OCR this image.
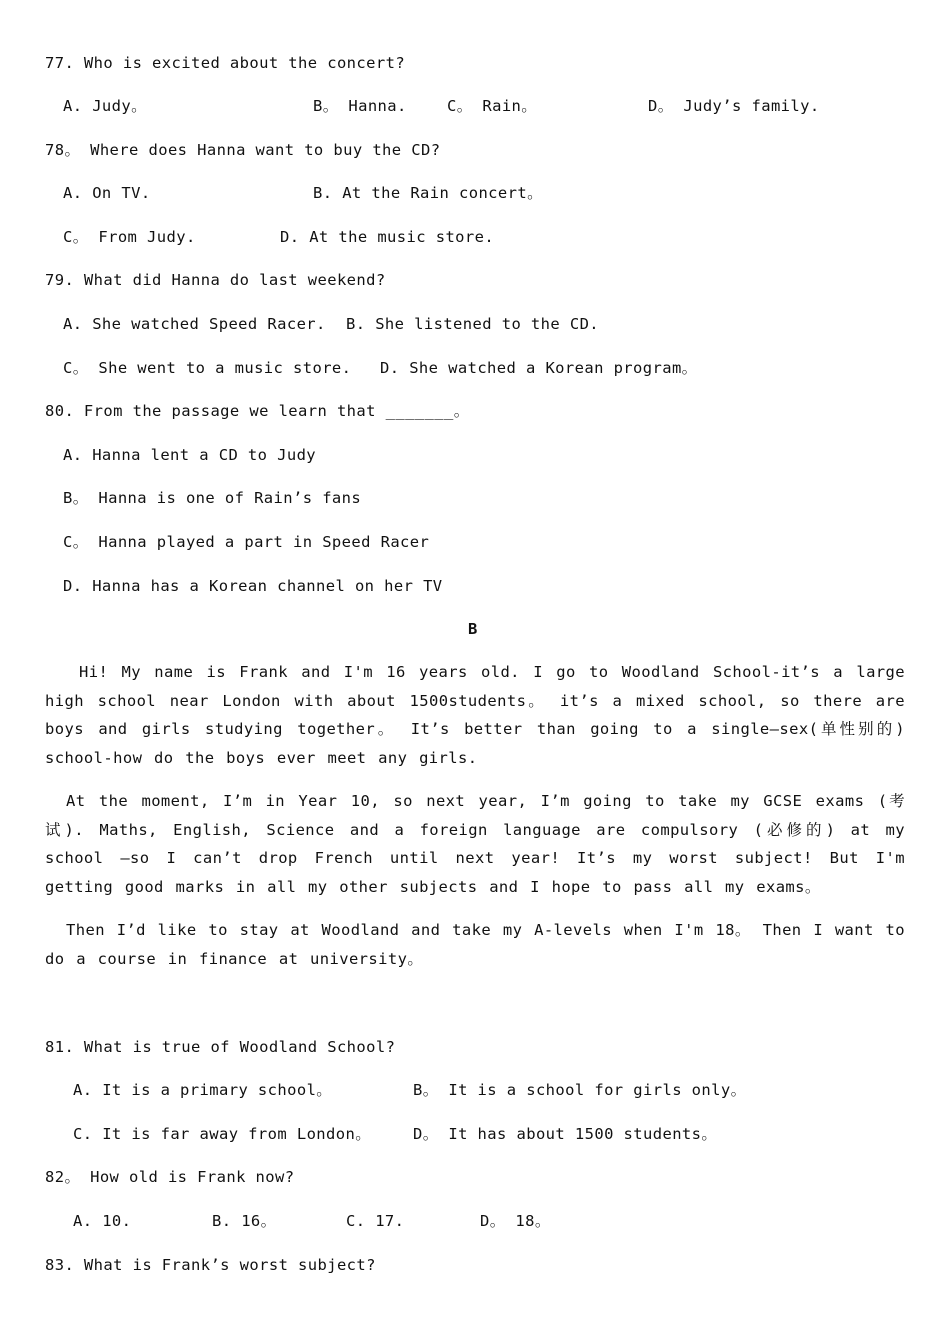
77. Who is excited about the concert?
A. Judy。	B。 Hanna.	C。 Rain。	D。 Judy’s family.
78。 Where does Hanna want to buy the CD?
A. On TV.	B. At the Rain concert。
C。 From Judy.	D. At the music store.
79. What did Hanna do last weekend?
A. She watched Speed Racer. B. She listened to the CD.
C。 She went to a music store. D. She watched a Korean program。
80. From the passage we learn that _______。
A. Hanna lent a CD to Judy
B。 Hanna is one of Rain’s fans
C。 Hanna played a part in Speed Racer
D. Hanna has a Korean channel on her TV
B
Hi! My name is Frank and I'm 16 years old. I go to Woodland School-it’s a large high school near London with about 1500students。 it’s a mixed school, so there are boys and girls studying together。 It’s better than going to a single—sex(单性别的) school-how do the boys ever meet any girls.
At the moment, I’m in Year 10, so next year, I’m going to take my GCSE exams (考试). Maths, English, Science and a foreign language are compulsory (必修的) at my school —so I can’t drop French until next year! It’s my worst subject! But I'm getting good marks in all my other subjects and I hope to pass all my exams。
Then I’d like to stay at Woodland and take my A-levels when I'm 18。 Then I want to do a course in finance at university。
81. What is true of Woodland School?
A. It is a primary school。	B。 It is a school for girls only。
C. It is far away from London。	D。 It has about 1500 students。
82。 How old is Frank now?
A. 10.	B. 16。	C. 17.	D。 18。
83. What is Frank’s worst subject?
